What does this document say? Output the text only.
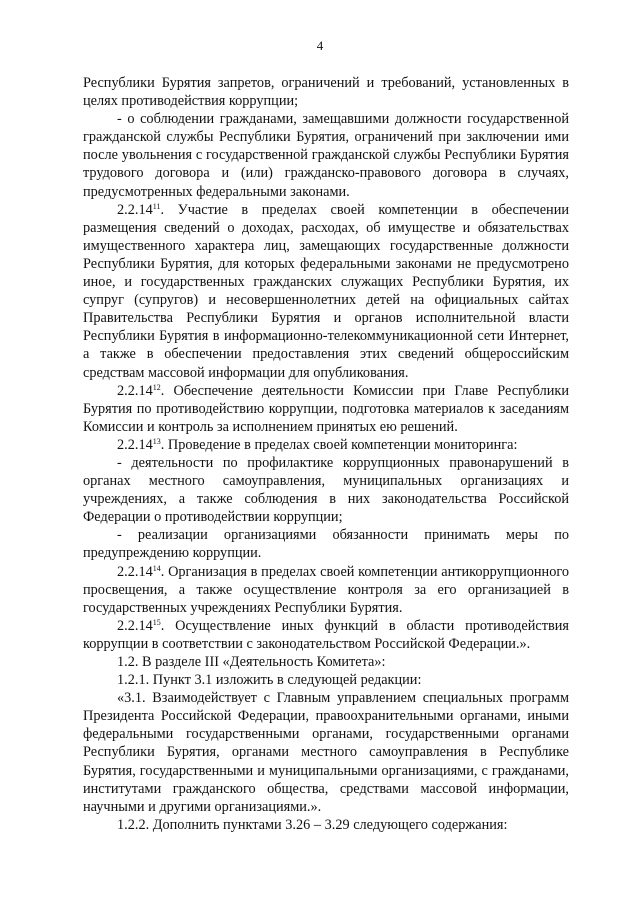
4

Республики Бурятия запретов, ограничений и требований, установленных в целях противодействия коррупции;

- о соблюдении гражданами, замещавшими должности государственной гражданской службы Республики Бурятия, ограничений при заключении ими после увольнения с государственной гражданской службы Республики Бурятия трудового договора и (или) гражданско-правового договора в случаях, предусмотренных федеральными законами.

2.2.14$^{11}$. Участие в пределах своей компетенции в обеспечении размещения сведений о доходах, расходах, об имуществе и обязательствах имущественного характера лиц, замещающих государственные должности Республики Бурятия, для которых федеральными законами не предусмотрено иное, и государственных гражданских служащих Республики Бурятия, их супруг (супругов) и несовершеннолетних детей на официальных сайтах Правительства Республики Бурятия и органов исполнительной власти Республики Бурятия в информационно-телекоммуникационной сети Интернет, а также в обеспечении предоставления этих сведений общероссийским средствам массовой информации для опубликования.

2.2.14$^{12}$. Обеспечение деятельности Комиссии при Главе Республики Бурятия по противодействию коррупции, подготовка материалов к заседаниям Комиссии и контроль за исполнением принятых ею решений.

2.2.14$^{13}$. Проведение в пределах своей компетенции мониторинга:

- деятельности по профилактике коррупционных правонарушений в органах местного самоуправления, муниципальных организациях и учреждениях, а также соблюдения в них законодательства Российской Федерации о противодействии коррупции;

- реализации организациями обязанности принимать меры по предупреждению коррупции.

2.2.14$^{14}$. Организация в пределах своей компетенции антикоррупционного просвещения, а также осуществление контроля за его организацией в государственных учреждениях Республики Бурятия.

2.2.14$^{15}$. Осуществление иных функций в области противодействия коррупции в соответствии с законодательством Российской Федерации.».

1.2. В разделе III «Деятельность Комитета»:

1.2.1. Пункт 3.1 изложить в следующей редакции:

«3.1. Взаимодействует с Главным управлением специальных программ Президента Российской Федерации, правоохранительными органами, иными федеральными государственными органами, государственными органами Республики Бурятия, органами местного самоуправления в Республике Бурятия, государственными и муниципальными организациями, с гражданами, институтами гражданского общества, средствами массовой информации, научными и другими организациями.».

1.2.2. Дополнить пунктами 3.26 – 3.29 следующего содержания:
